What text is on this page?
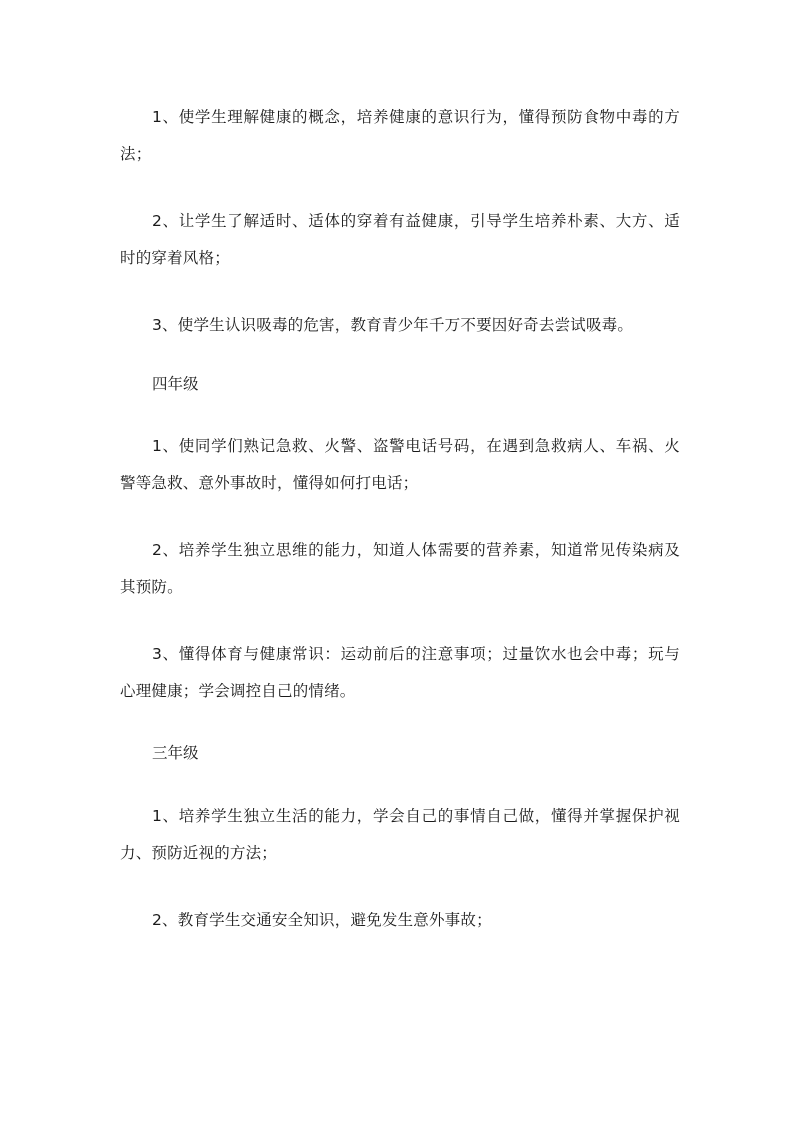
1、使学生理解健康的概念，培养健康的意识行为，懂得预防食物中毒的方法；

2、让学生了解适时、适体的穿着有益健康，引导学生培养朴素、大方、适时的穿着风格；

3、使学生认识吸毒的危害，教育青少年千万不要因好奇去尝试吸毒。

四年级

1、使同学们熟记急救、火警、盗警电话号码，在遇到急救病人、车祸、火警等急救、意外事故时，懂得如何打电话；

2、培养学生独立思维的能力，知道人体需要的营养素，知道常见传染病及其预防。

3、懂得体育与健康常识：运动前后的注意事项；过量饮水也会中毒；玩与心理健康；学会调控自己的情绪。

三年级

1、培养学生独立生活的能力，学会自己的事情自己做，懂得并掌握保护视力、预防近视的方法；

2、教育学生交通安全知识，避免发生意外事故；
